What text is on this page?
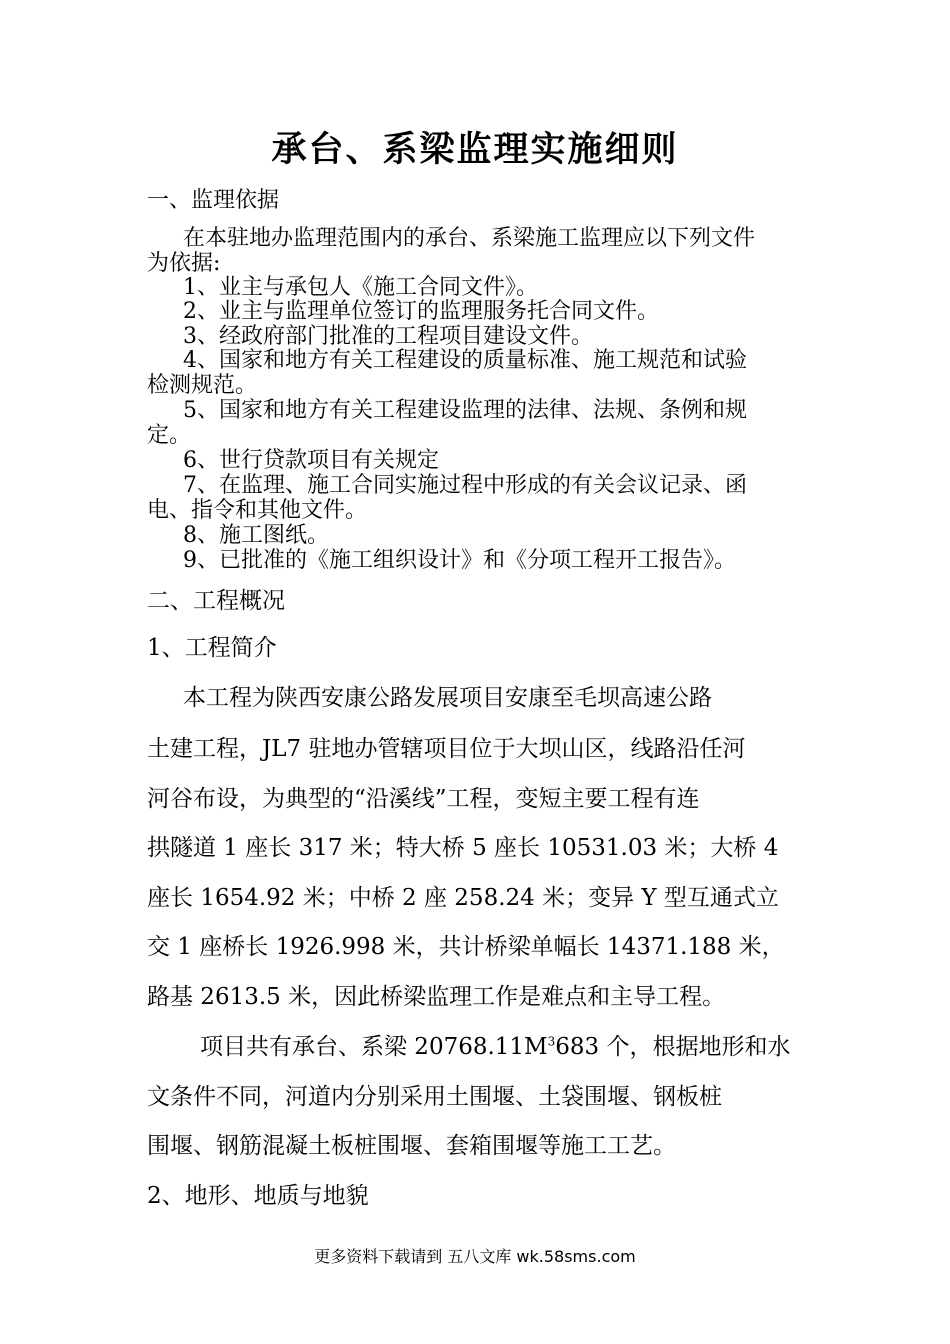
承台、系梁监理实施细则
一、监理依据
在本驻地办监理范围内的承台、系梁施工监理应以下列文件
为依据:
1、业主与承包人《施工合同文件》。
2、业主与监理单位签订的监理服务托合同文件。
3、经政府部门批准的工程项目建设文件。
4、国家和地方有关工程建设的质量标准、施工规范和试验
检测规范。
5、国家和地方有关工程建设监理的法律、法规、条例和规
定。
6、世行贷款项目有关规定
7、在监理、施工合同实施过程中形成的有关会议记录、函
电、指令和其他文件。
8、施工图纸。
9、已批准的《施工组织设计》和《分项工程开工报告》。
二、工程概况
1、工程简介
本工程为陕西安康公路发展项目安康至毛坝高速公路
土建工程，JL7 驻地办管辖项目位于大坝山区，线路沿任河
河谷布设，为典型的“沿溪线”工程，变短主要工程有连
拱隧道 1 座长 317 米；特大桥 5 座长 10531.03 米；大桥 4
座长 1654.92 米；中桥 2 座 258.24 米；变异 Y 型互通式立
交 1 座桥长 1926.998 米，共计桥梁单幅长 14371.188 米，
路基 2613.5 米，因此桥梁监理工作是难点和主导工程。
项目共有承台、系梁 $20768.11M^3683$ 个，根据地形和水
文条件不同，河道内分别采用土围堰、土袋围堰、钢板桩
围堰、钢筋混凝土板桩围堰、套箱围堰等施工工艺。
2、地形、地质与地貌
更多资料下载请到 五八文库 wk.58sms.com
